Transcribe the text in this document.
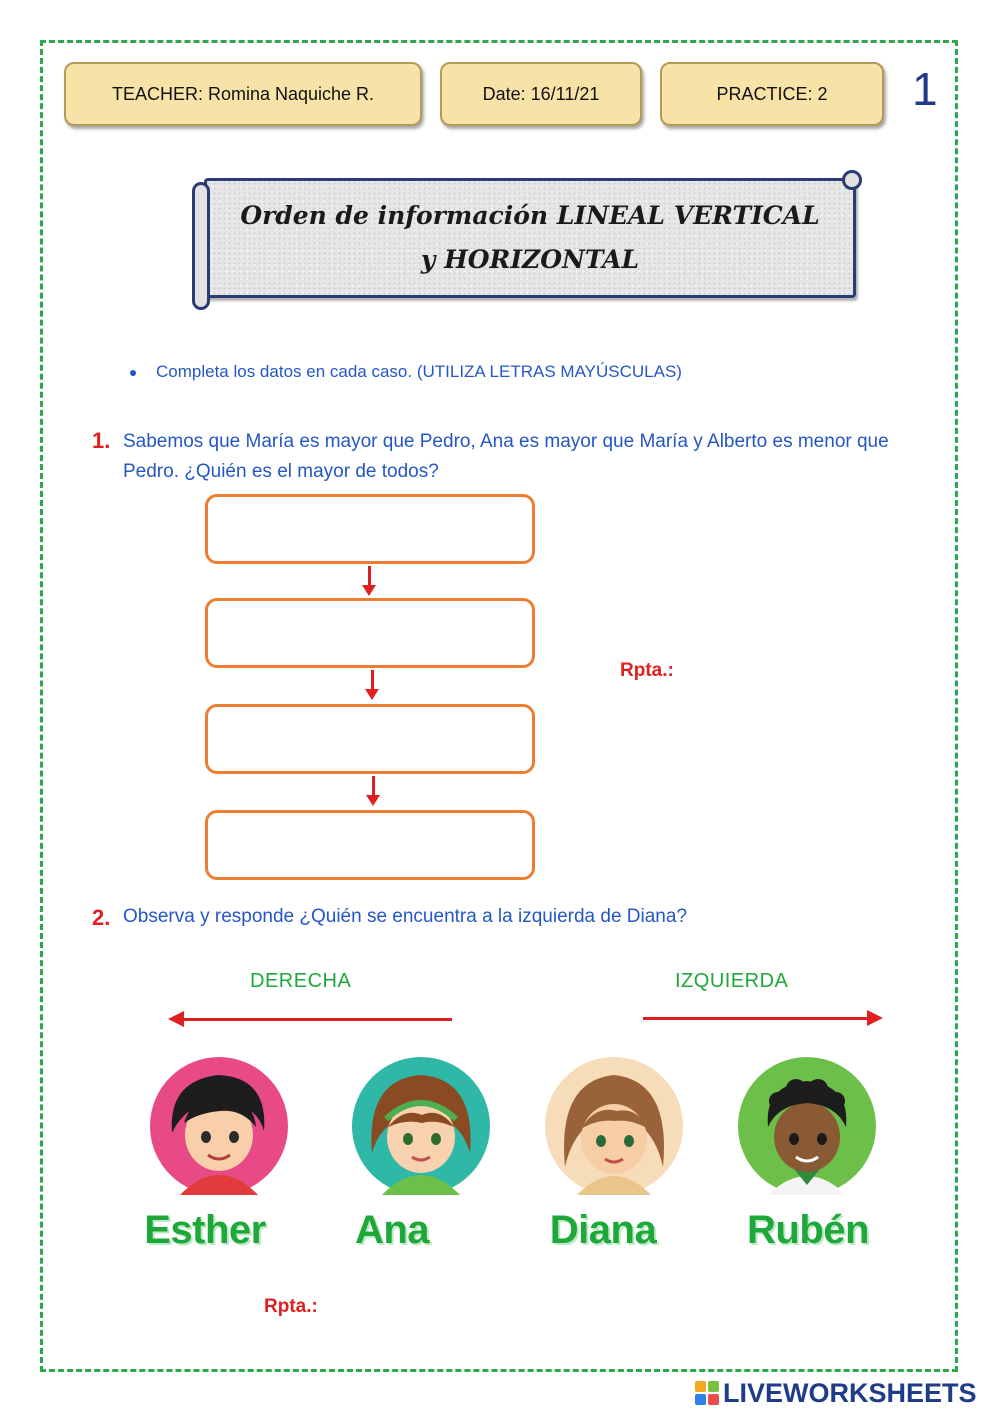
TEACHER: Romina Naquiche R.	Date: 16/11/21	PRACTICE: 2 1
Orden de información LINEAL VERTICAL
y HORIZONTAL
Completa los datos en cada caso. (UTILIZA LETRAS MAYÚSCULAS)
1. Sabemos que María es mayor que Pedro, Ana es mayor que María y Alberto es menor que Pedro. ¿Quién es el mayor de todos?
Rpta.:
2. Observa y responde ¿Quién se encuentra a la izquierda de Diana?
DERECHA	IZQUIERDA
Esther	Ana	Diana	Rubén
Rpta.:
LIVEWORKSHEETS
